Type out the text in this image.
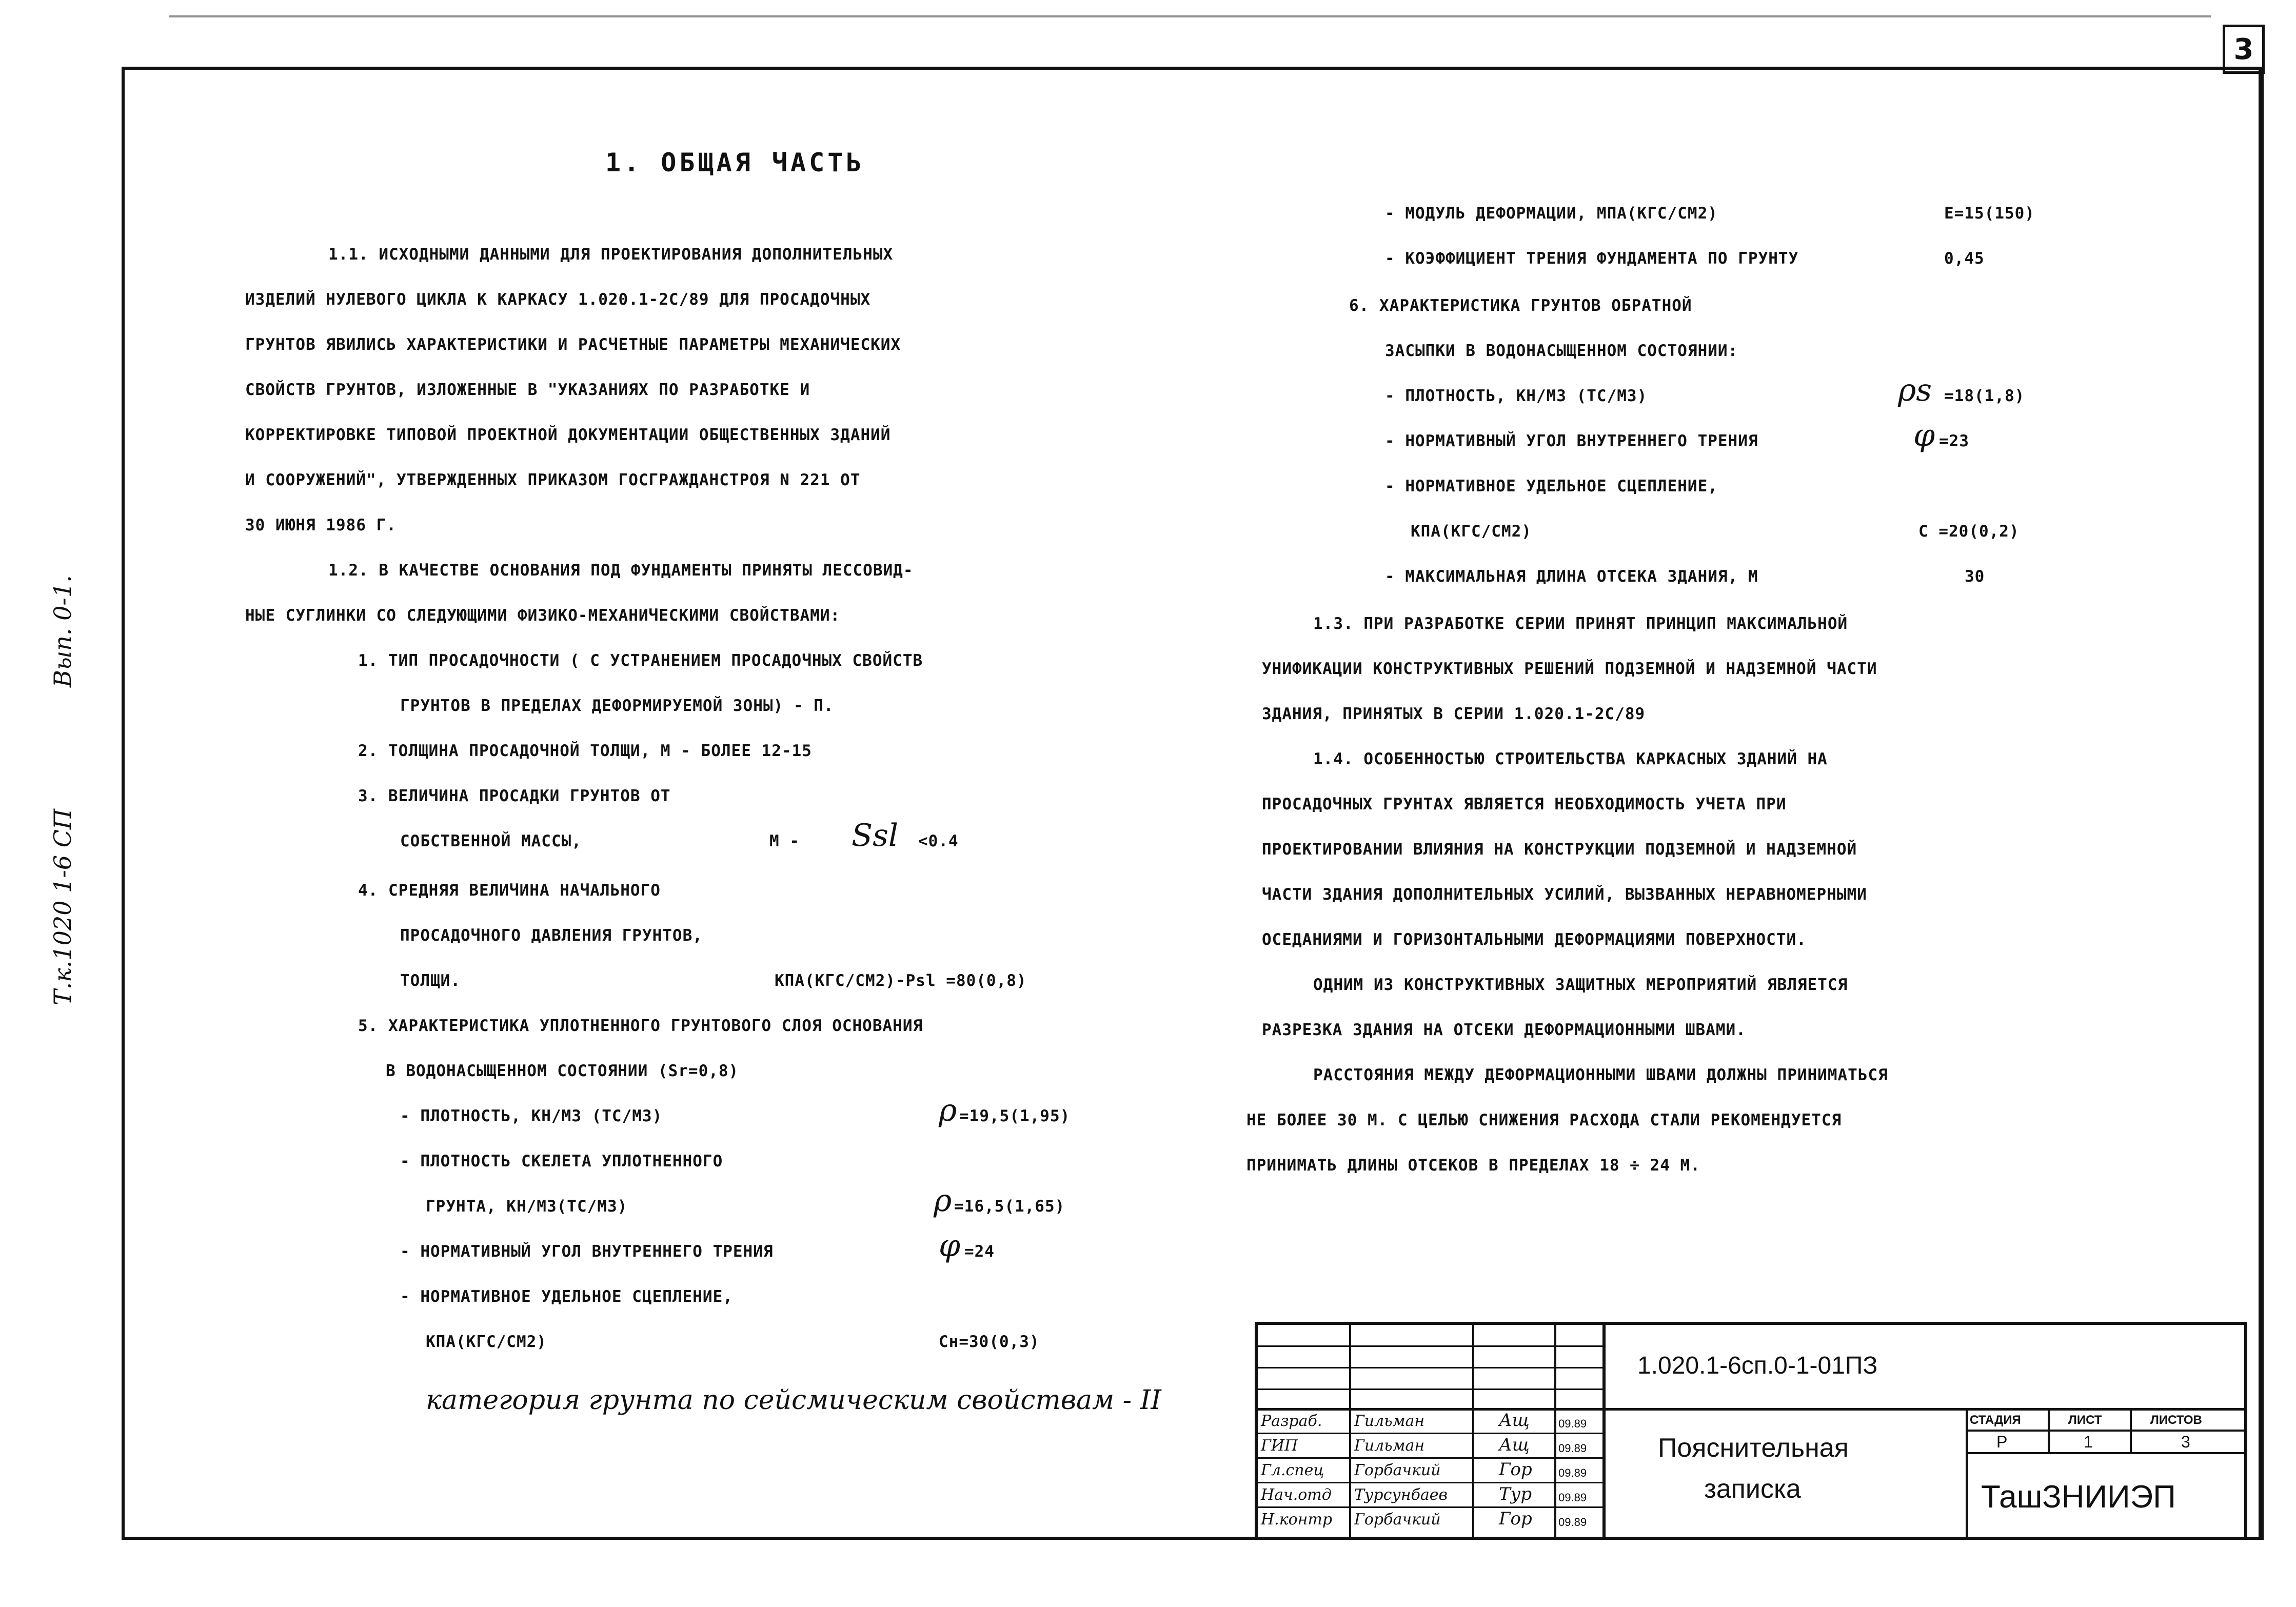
3
Т.к.1020 1-6 СП
Вып. 0-1.
1. ОБЩАЯ ЧАСТЬ
1.1. ИСХОДНЫМИ ДАННЫМИ ДЛЯ ПРОЕКТИРОВАНИЯ ДОПОЛНИТЕЛЬНЫХ
ИЗДЕЛИЙ НУЛЕВОГО ЦИКЛА К КАРКАСУ 1.020.1-2С/89 ДЛЯ ПРОСАДОЧНЫХ
ГРУНТОВ ЯВИЛИСЬ ХАРАКТЕРИСТИКИ И РАСЧЕТНЫЕ ПАРАМЕТРЫ МЕХАНИЧЕСКИХ
СВОЙСТВ ГРУНТОВ, ИЗЛОЖЕННЫЕ В "УКАЗАНИЯХ ПО РАЗРАБОТКЕ И
КОРРЕКТИРОВКЕ ТИПОВОЙ ПРОЕКТНОЙ ДОКУМЕНТАЦИИ ОБЩЕСТВЕННЫХ ЗДАНИЙ
И СООРУЖЕНИЙ", УТВЕРЖДЕННЫХ ПРИКАЗОМ ГОСГРАЖДАНСТРОЯ N 221 ОТ
30 ИЮНЯ 1986 Г.
1.2. В КАЧЕСТВЕ ОСНОВАНИЯ ПОД ФУНДАМЕНТЫ ПРИНЯТЫ ЛЕССОВИД-
НЫЕ СУГЛИНКИ СО СЛЕДУЮЩИМИ ФИЗИКО-МЕХАНИЧЕСКИМИ СВОЙСТВАМИ:
1. ТИП ПРОСАДОЧНОСТИ ( С УСТРАНЕНИЕМ ПРОСАДОЧНЫХ СВОЙСТВ
ГРУНТОВ В ПРЕДЕЛАХ ДЕФОРМИРУЕМОЙ ЗОНЫ) - П.
2. ТОЛЩИНА ПРОСАДОЧНОЙ ТОЛЩИ, М - БОЛЕЕ 12-15
3. ВЕЛИЧИНА ПРОСАДКИ ГРУНТОВ ОТ
СОБСТВЕННОЙ МАССЫ,	М - Ssl <0.4
4. СРЕДНЯЯ ВЕЛИЧИНА НАЧАЛЬНОГО
ПРОСАДОЧНОГО ДАВЛЕНИЯ ГРУНТОВ,
ТОЛЩИ.	КПА(КГС/СМ2)-Psl =80(0,8)
5. ХАРАКТЕРИСТИКА УПЛОТНЕННОГО ГРУНТОВОГО СЛОЯ ОСНОВАНИЯ
В ВОДОНАСЫЩЕННОМ СОСТОЯНИИ (Sr=0,8)
- ПЛОТНОСТЬ, КН/М3 (ТС/М3)	ρ =19,5(1,95)
- ПЛОТНОСТЬ СКЕЛЕТА УПЛОТНЕННОГО
ГРУНТА, КН/М3(ТС/М3)	ρ =16,5(1,65)
- НОРМАТИВНЫЙ УГОЛ ВНУТРЕННЕГО ТРЕНИЯ	φ =24
- НОРМАТИВНОЕ УДЕЛЬНОЕ СЦЕПЛЕНИЕ,
КПА(КГС/СМ2)	Сн=30(0,3)
категория грунта по сейсмическим свойствам - II
- МОДУЛЬ ДЕФОРМАЦИИ, МПА(КГС/СМ2)	Е=15(150)
- КОЭФФИЦИЕНТ ТРЕНИЯ ФУНДАМЕНТА ПО ГРУНТУ	0,45
6. ХАРАКТЕРИСТИКА ГРУНТОВ ОБРАТНОЙ
ЗАСЫПКИ В ВОДОНАСЫЩЕННОМ СОСТОЯНИИ:
- ПЛОТНОСТЬ, КН/М3 (ТС/М3)	ρs =18(1,8)
- НОРМАТИВНЫЙ УГОЛ ВНУТРЕННЕГО ТРЕНИЯ	φ =23
- НОРМАТИВНОЕ УДЕЛЬНОЕ СЦЕПЛЕНИЕ,
КПА(КГС/СМ2)	С =20(0,2)
- МАКСИМАЛЬНАЯ ДЛИНА ОТСЕКА ЗДАНИЯ, М	30
1.3. ПРИ РАЗРАБОТКЕ СЕРИИ ПРИНЯТ ПРИНЦИП МАКСИМАЛЬНОЙ
УНИФИКАЦИИ КОНСТРУКТИВНЫХ РЕШЕНИЙ ПОДЗЕМНОЙ И НАДЗЕМНОЙ ЧАСТИ
ЗДАНИЯ, ПРИНЯТЫХ В СЕРИИ 1.020.1-2С/89
1.4. ОСОБЕННОСТЬЮ СТРОИТЕЛЬСТВА КАРКАСНЫХ ЗДАНИЙ НА
ПРОСАДОЧНЫХ ГРУНТАХ ЯВЛЯЕТСЯ НЕОБХОДИМОСТЬ УЧЕТА ПРИ
ПРОЕКТИРОВАНИИ ВЛИЯНИЯ НА КОНСТРУКЦИИ ПОДЗЕМНОЙ И НАДЗЕМНОЙ
ЧАСТИ ЗДАНИЯ ДОПОЛНИТЕЛЬНЫХ УСИЛИЙ, ВЫЗВАННЫХ НЕРАВНОМЕРНЫМИ
ОСЕДАНИЯМИ И ГОРИЗОНТАЛЬНЫМИ ДЕФОРМАЦИЯМИ ПОВЕРХНОСТИ.
ОДНИМ ИЗ КОНСТРУКТИВНЫХ ЗАЩИТНЫХ МЕРОПРИЯТИЙ ЯВЛЯЕТСЯ
РАЗРЕЗКА ЗДАНИЯ НА ОТСЕКИ ДЕФОРМАЦИОННЫМИ ШВАМИ.
РАССТОЯНИЯ МЕЖДУ ДЕФОРМАЦИОННЫМИ ШВАМИ ДОЛЖНЫ ПРИНИМАТЬСЯ
НЕ БОЛЕЕ 30 М. С ЦЕЛЬЮ СНИЖЕНИЯ РАСХОДА СТАЛИ РЕКОМЕНДУЕТСЯ
ПРИНИМАТЬ ДЛИНЫ ОТСЕКОВ В ПРЕДЕЛАХ 18 ÷ 24 М.
Разраб. Гильман	Ащ	09.89
ГИП	Гильман	Ащ	09.89
Гл.спец Горбачкий	Гор 09.89
Нач.отд Турсунбаев	Тур 09.89
Н.контр Горбачкий	Гор 09.89
1.020.1-6сп.0-1-01ПЗ
Пояснительная
записка
СТАДИЯ	ЛИСТ	ЛИСТОВ
Р	1	3
ТашЗНИИЭП
